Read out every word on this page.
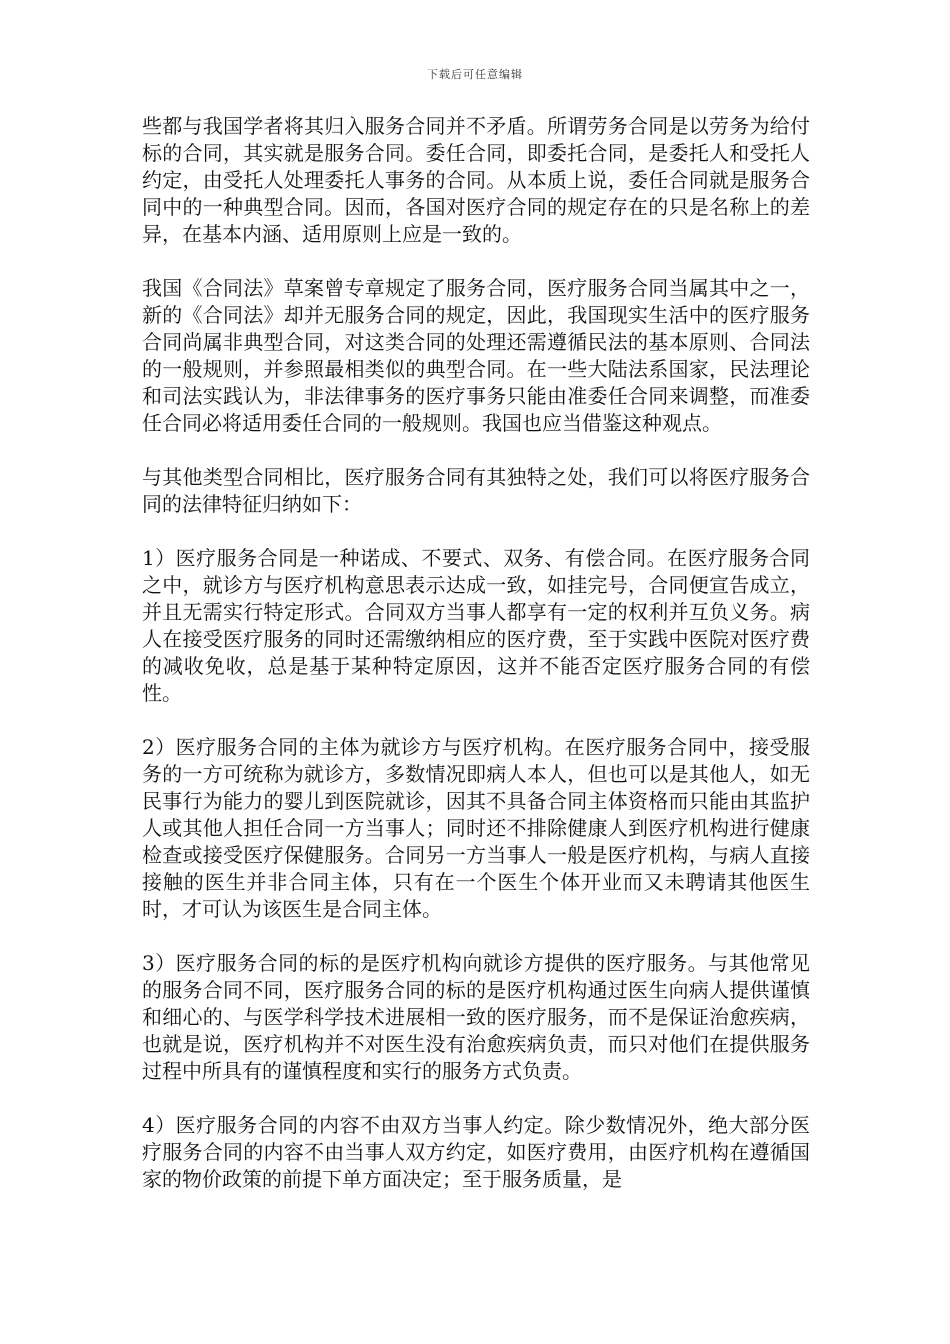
下载后可任意编辑

些都与我国学者将其归入服务合同并不矛盾。所谓劳务合同是以劳务为给付标的合同，其实就是服务合同。委任合同，即委托合同，是委托人和受托人约定，由受托人处理委托人事务的合同。从本质上说，委任合同就是服务合同中的一种典型合同。因而，各国对医疗合同的规定存在的只是名称上的差异，在基本内涵、适用原则上应是一致的。

我国《合同法》草案曾专章规定了服务合同，医疗服务合同当属其中之一，新的《合同法》却并无服务合同的规定，因此，我国现实生活中的医疗服务合同尚属非典型合同，对这类合同的处理还需遵循民法的基本原则、合同法的一般规则，并参照最相类似的典型合同。在一些大陆法系国家，民法理论和司法实践认为，非法律事务的医疗事务只能由准委任合同来调整，而准委任合同必将适用委任合同的一般规则。我国也应当借鉴这种观点。

与其他类型合同相比，医疗服务合同有其独特之处，我们可以将医疗服务合同的法律特征归纳如下：

1）医疗服务合同是一种诺成、不要式、双务、有偿合同。在医疗服务合同之中，就诊方与医疗机构意思表示达成一致，如挂完号，合同便宣告成立，并且无需实行特定形式。合同双方当事人都享有一定的权利并互负义务。病人在接受医疗服务的同时还需缴纳相应的医疗费，至于实践中医院对医疗费的减收免收，总是基于某种特定原因，这并不能否定医疗服务合同的有偿性。

2）医疗服务合同的主体为就诊方与医疗机构。在医疗服务合同中，接受服务的一方可统称为就诊方，多数情况即病人本人，但也可以是其他人，如无民事行为能力的婴儿到医院就诊，因其不具备合同主体资格而只能由其监护人或其他人担任合同一方当事人；同时还不排除健康人到医疗机构进行健康检查或接受医疗保健服务。合同另一方当事人一般是医疗机构，与病人直接接触的医生并非合同主体，只有在一个医生个体开业而又未聘请其他医生时，才可认为该医生是合同主体。

3）医疗服务合同的标的是医疗机构向就诊方提供的医疗服务。与其他常见的服务合同不同，医疗服务合同的标的是医疗机构通过医生向病人提供谨慎和细心的、与医学科学技术进展相一致的医疗服务，而不是保证治愈疾病，也就是说，医疗机构并不对医生没有治愈疾病负责，而只对他们在提供服务过程中所具有的谨慎程度和实行的服务方式负责。

4）医疗服务合同的内容不由双方当事人约定。除少数情况外，绝大部分医疗服务合同的内容不由当事人双方约定，如医疗费用，由医疗机构在遵循国家的物价政策的前提下单方面决定；至于服务质量，是
